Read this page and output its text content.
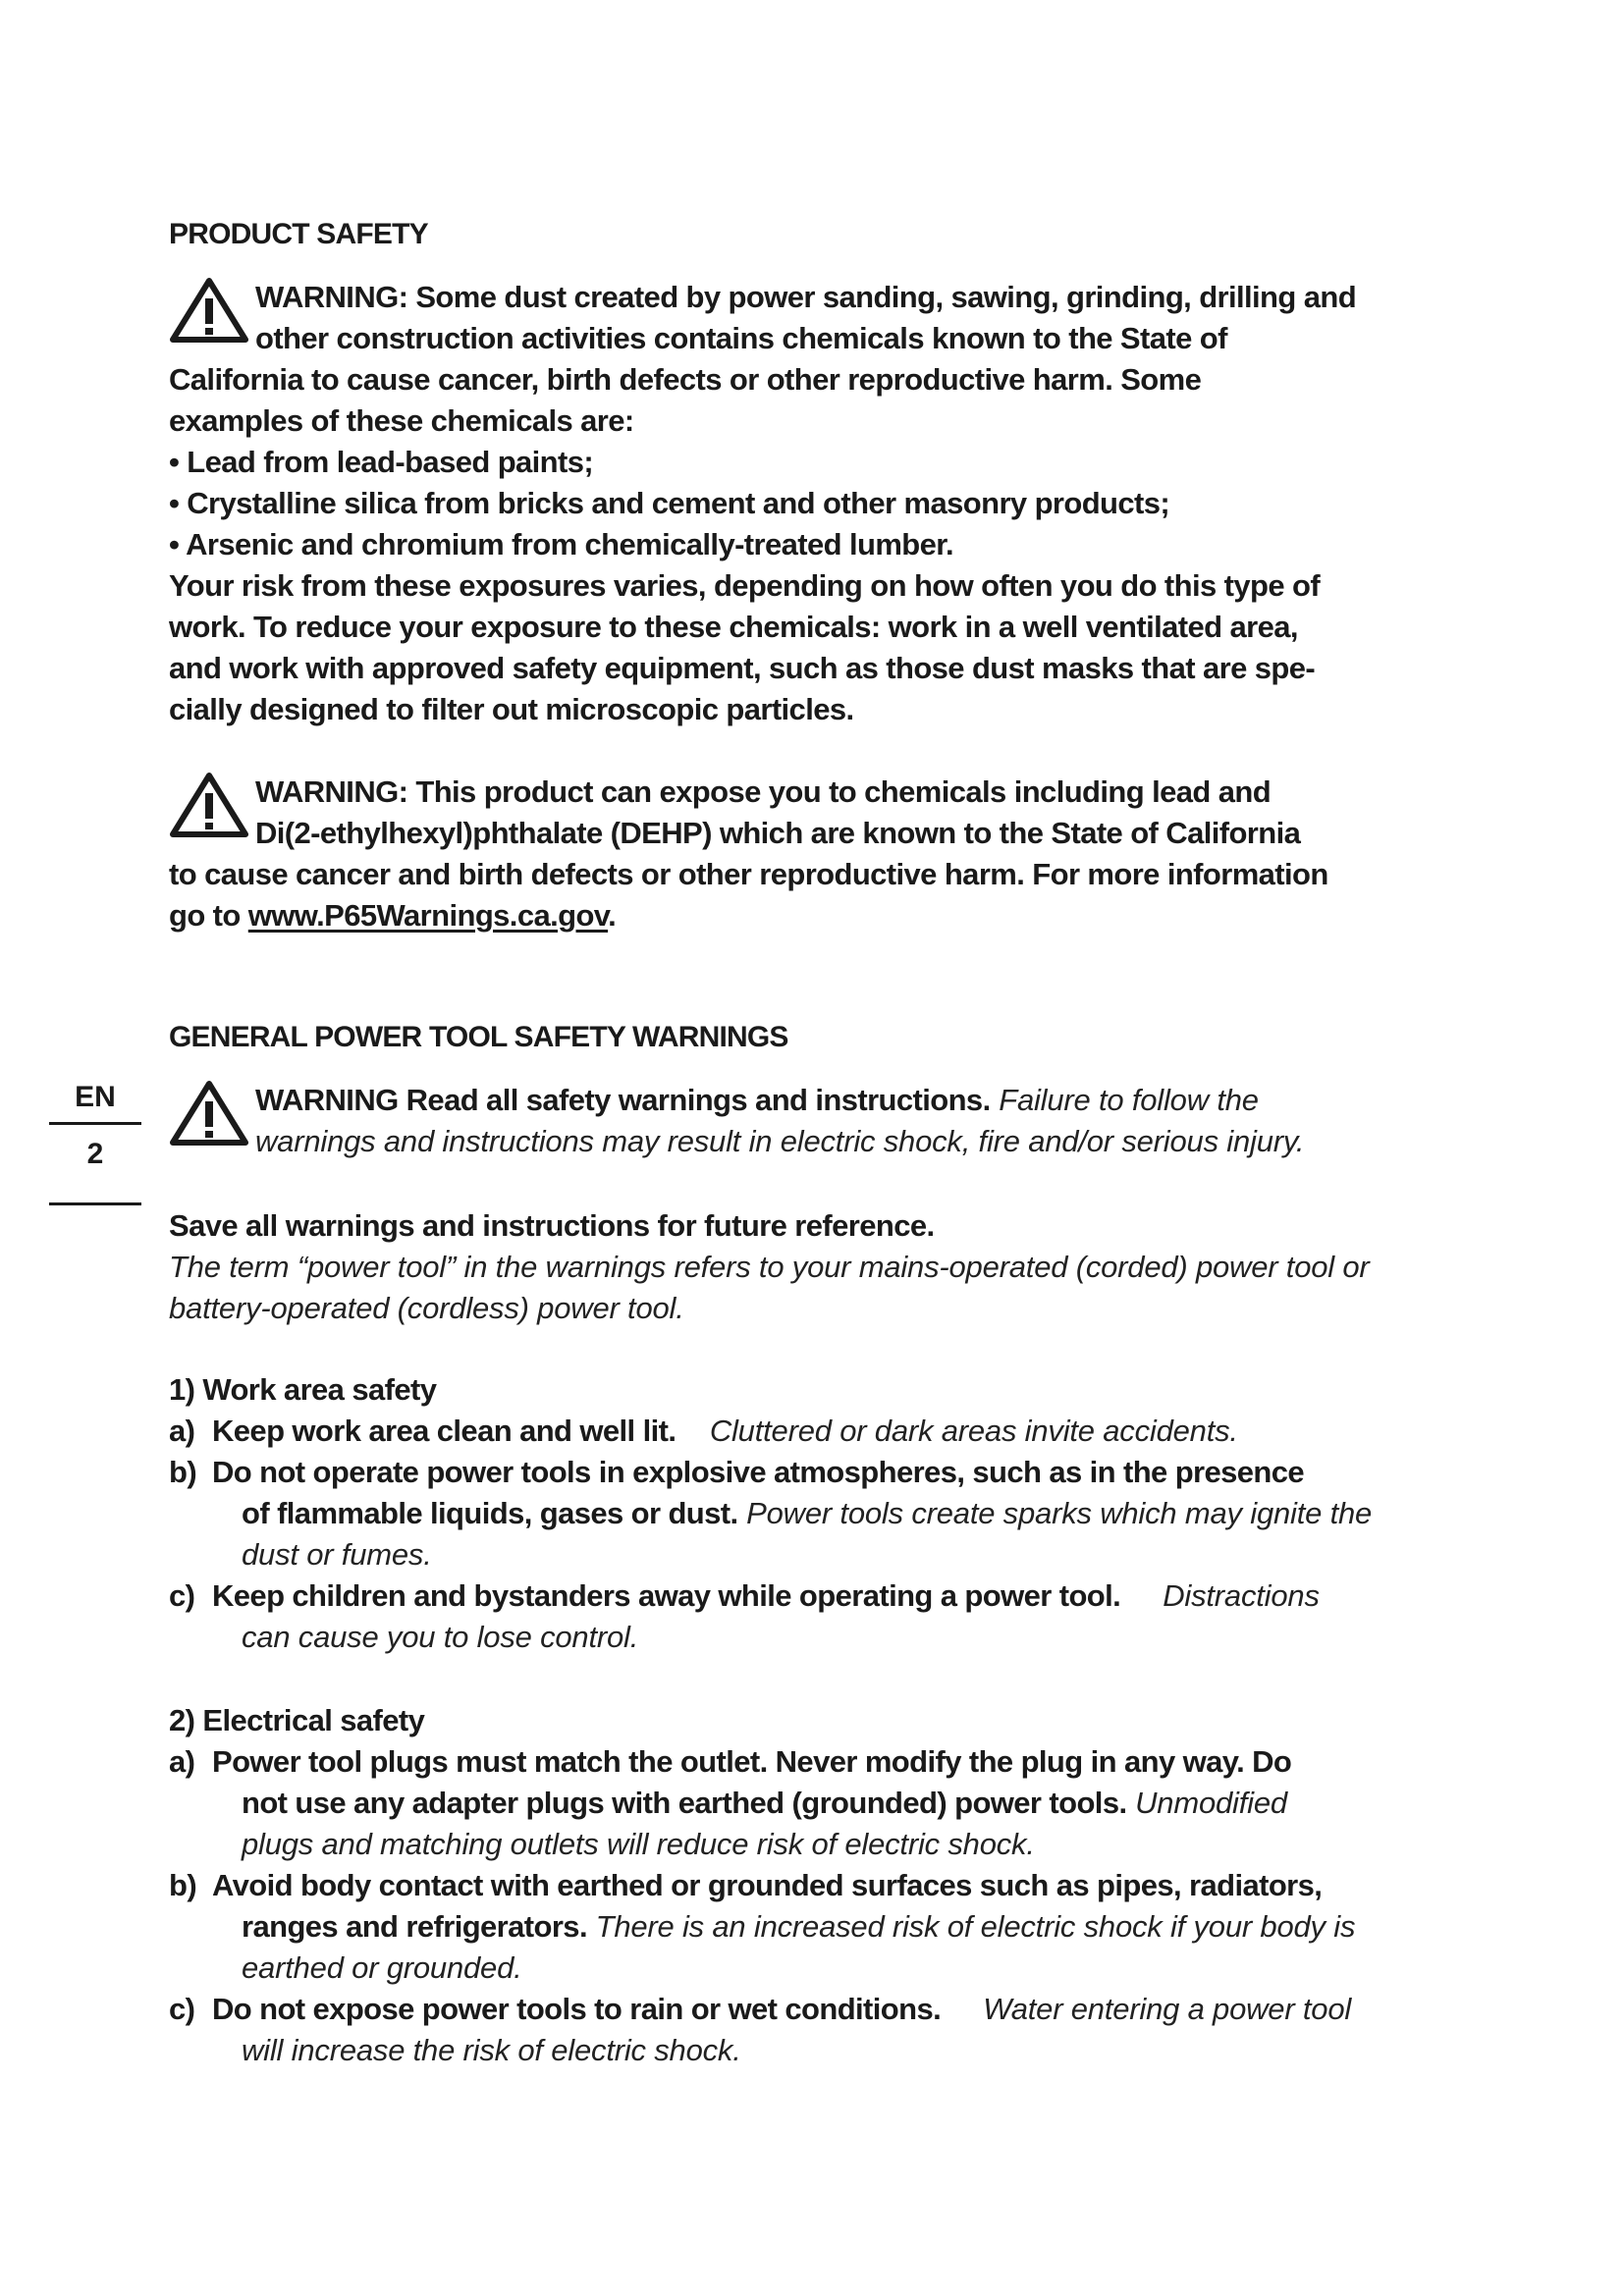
PRODUCT SAFETY
WARNING: Some dust created by power sanding, sawing, grinding, drilling and
other construction activities contains chemicals known to the State of
California to cause cancer, birth defects or other reproductive harm. Some
examples of these chemicals are:
• Lead from lead-based paints;
• Crystalline silica from bricks and cement and other masonry products;
• Arsenic and chromium from chemically-treated lumber.
Your risk from these exposures varies, depending on how often you do this type of
work. To reduce your exposure to these chemicals: work in a well ventilated area,
and work with approved safety equipment, such as those dust masks that are spe-
cially designed to filter out microscopic particles.
WARNING: This product can expose you to chemicals including lead and
Di(2-ethylhexyl)phthalate (DEHP) which are known to the State of California
to cause cancer and birth defects or other reproductive harm. For more information
go to www.P65Warnings.ca.gov.
GENERAL POWER TOOL SAFETY WARNINGS
EN
2
WARNING Read all safety warnings and instructions. Failure to follow the
warnings and instructions may result in electric shock, fire and/or serious injury.
Save all warnings and instructions for future reference.
The term “power tool” in the warnings refers to your mains-operated (corded) power tool or
battery-operated (cordless) power tool.
1) Work area safety
a) Keep work area clean and well lit. Cluttered or dark areas invite accidents.
b) Do not operate power tools in explosive atmospheres, such as in the presence
of flammable liquids, gases or dust. Power tools create sparks which may ignite the
dust or fumes.
c) Keep children and bystanders away while operating a power tool. Distractions
can cause you to lose control.
2) Electrical safety
a) Power tool plugs must match the outlet. Never modify the plug in any way. Do
not use any adapter plugs with earthed (grounded) power tools. Unmodified
plugs and matching outlets will reduce risk of electric shock.
b) Avoid body contact with earthed or grounded surfaces such as pipes, radiators,
ranges and refrigerators. There is an increased risk of electric shock if your body is
earthed or grounded.
c) Do not expose power tools to rain or wet conditions. Water entering a power tool
will increase the risk of electric shock.
